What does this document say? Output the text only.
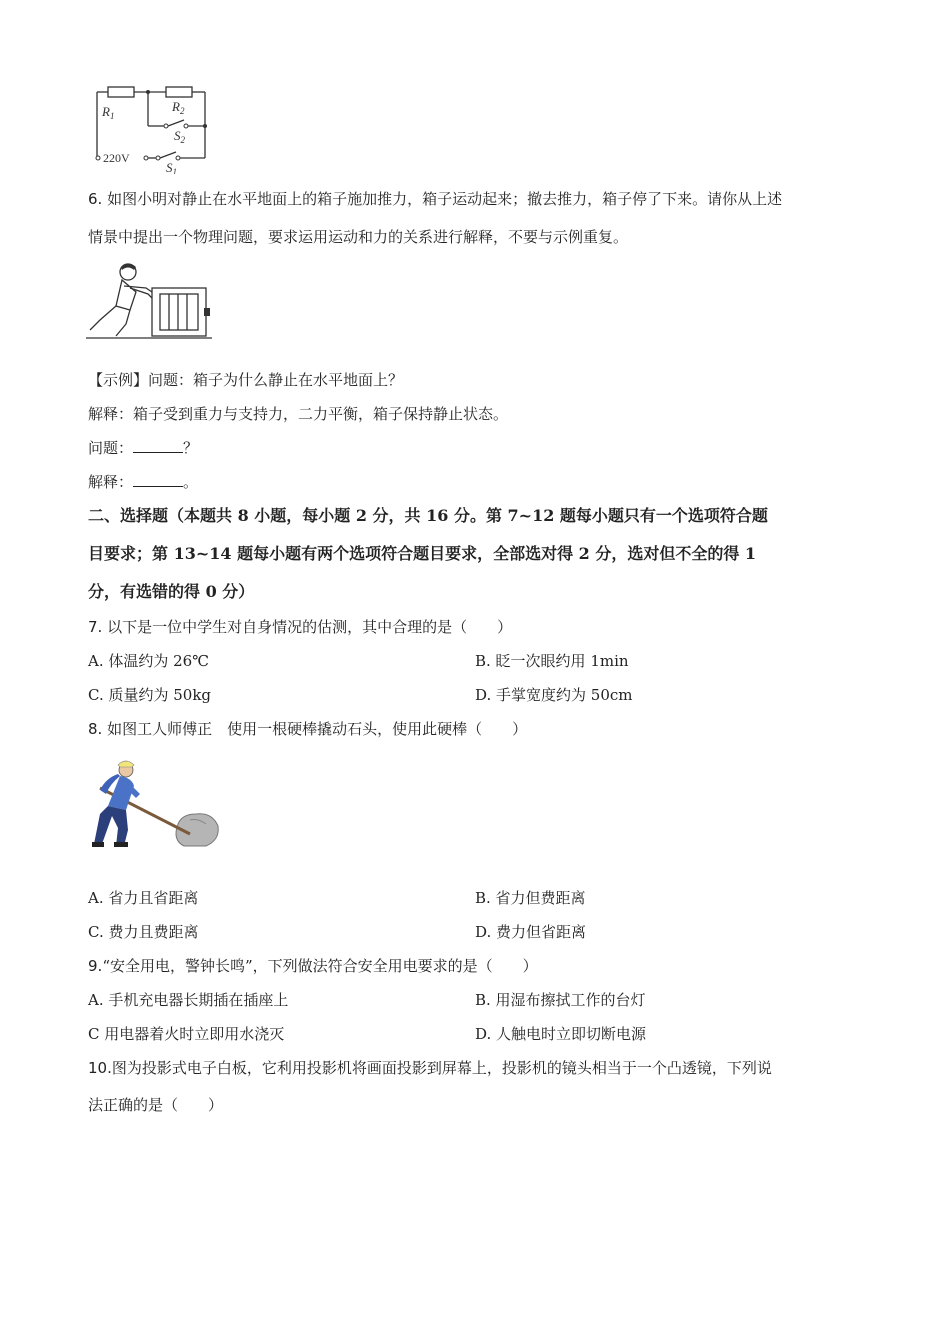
$R_1$
$R_2$
$S_2$
$S_1$
220V
6. 如图小明对静止在水平地面上的箱子施加推力，箱子运动起来；撤去推力，箱子停了下来。请你从上述
情景中提出一个物理问题，要求运用运动和力的关系进行解释，不要与示例重复。
【示例】问题：箱子为什么静止在水平地面上？
解释：箱子受到重力与支持力，二力平衡，箱子保持静止状态。
问题：	？
解释：	。
二、选择题（本题共 8 小题，每小题 2 分，共 16 分。第 7~12 题每小题只有一个选项符合题
目要求；第 13~14 题每小题有两个选项符合题目要求，全部选对得 2 分，选对但不全的得 1
分，有选错的得 0 分）
7. 以下是一位中学生对自身情况的估测，其中合理的是（　　）
A. 体温约为 26℃	B. 眨一次眼约用 1min
C. 质量约为 50kg	D. 手掌宽度约为 50cm
8. 如图工人师傅正　使用一根硬棒撬动石头，使用此硬棒（　　）
A. 省力且省距离	B. 省力但费距离
C. 费力且费距离	D. 费力但省距离
9.“安全用电，警钟长鸣”，下列做法符合安全用电要求的是（　　）
A. 手机充电器长期插在插座上	B. 用湿布擦拭工作的台灯
C 用电器着火时立即用水浇灭	D. 人触电时立即切断电源
10.图为投影式电子白板，它利用投影机将画面投影到屏幕上，投影机的镜头相当于一个凸透镜，下列说
法正确的是（　　）
